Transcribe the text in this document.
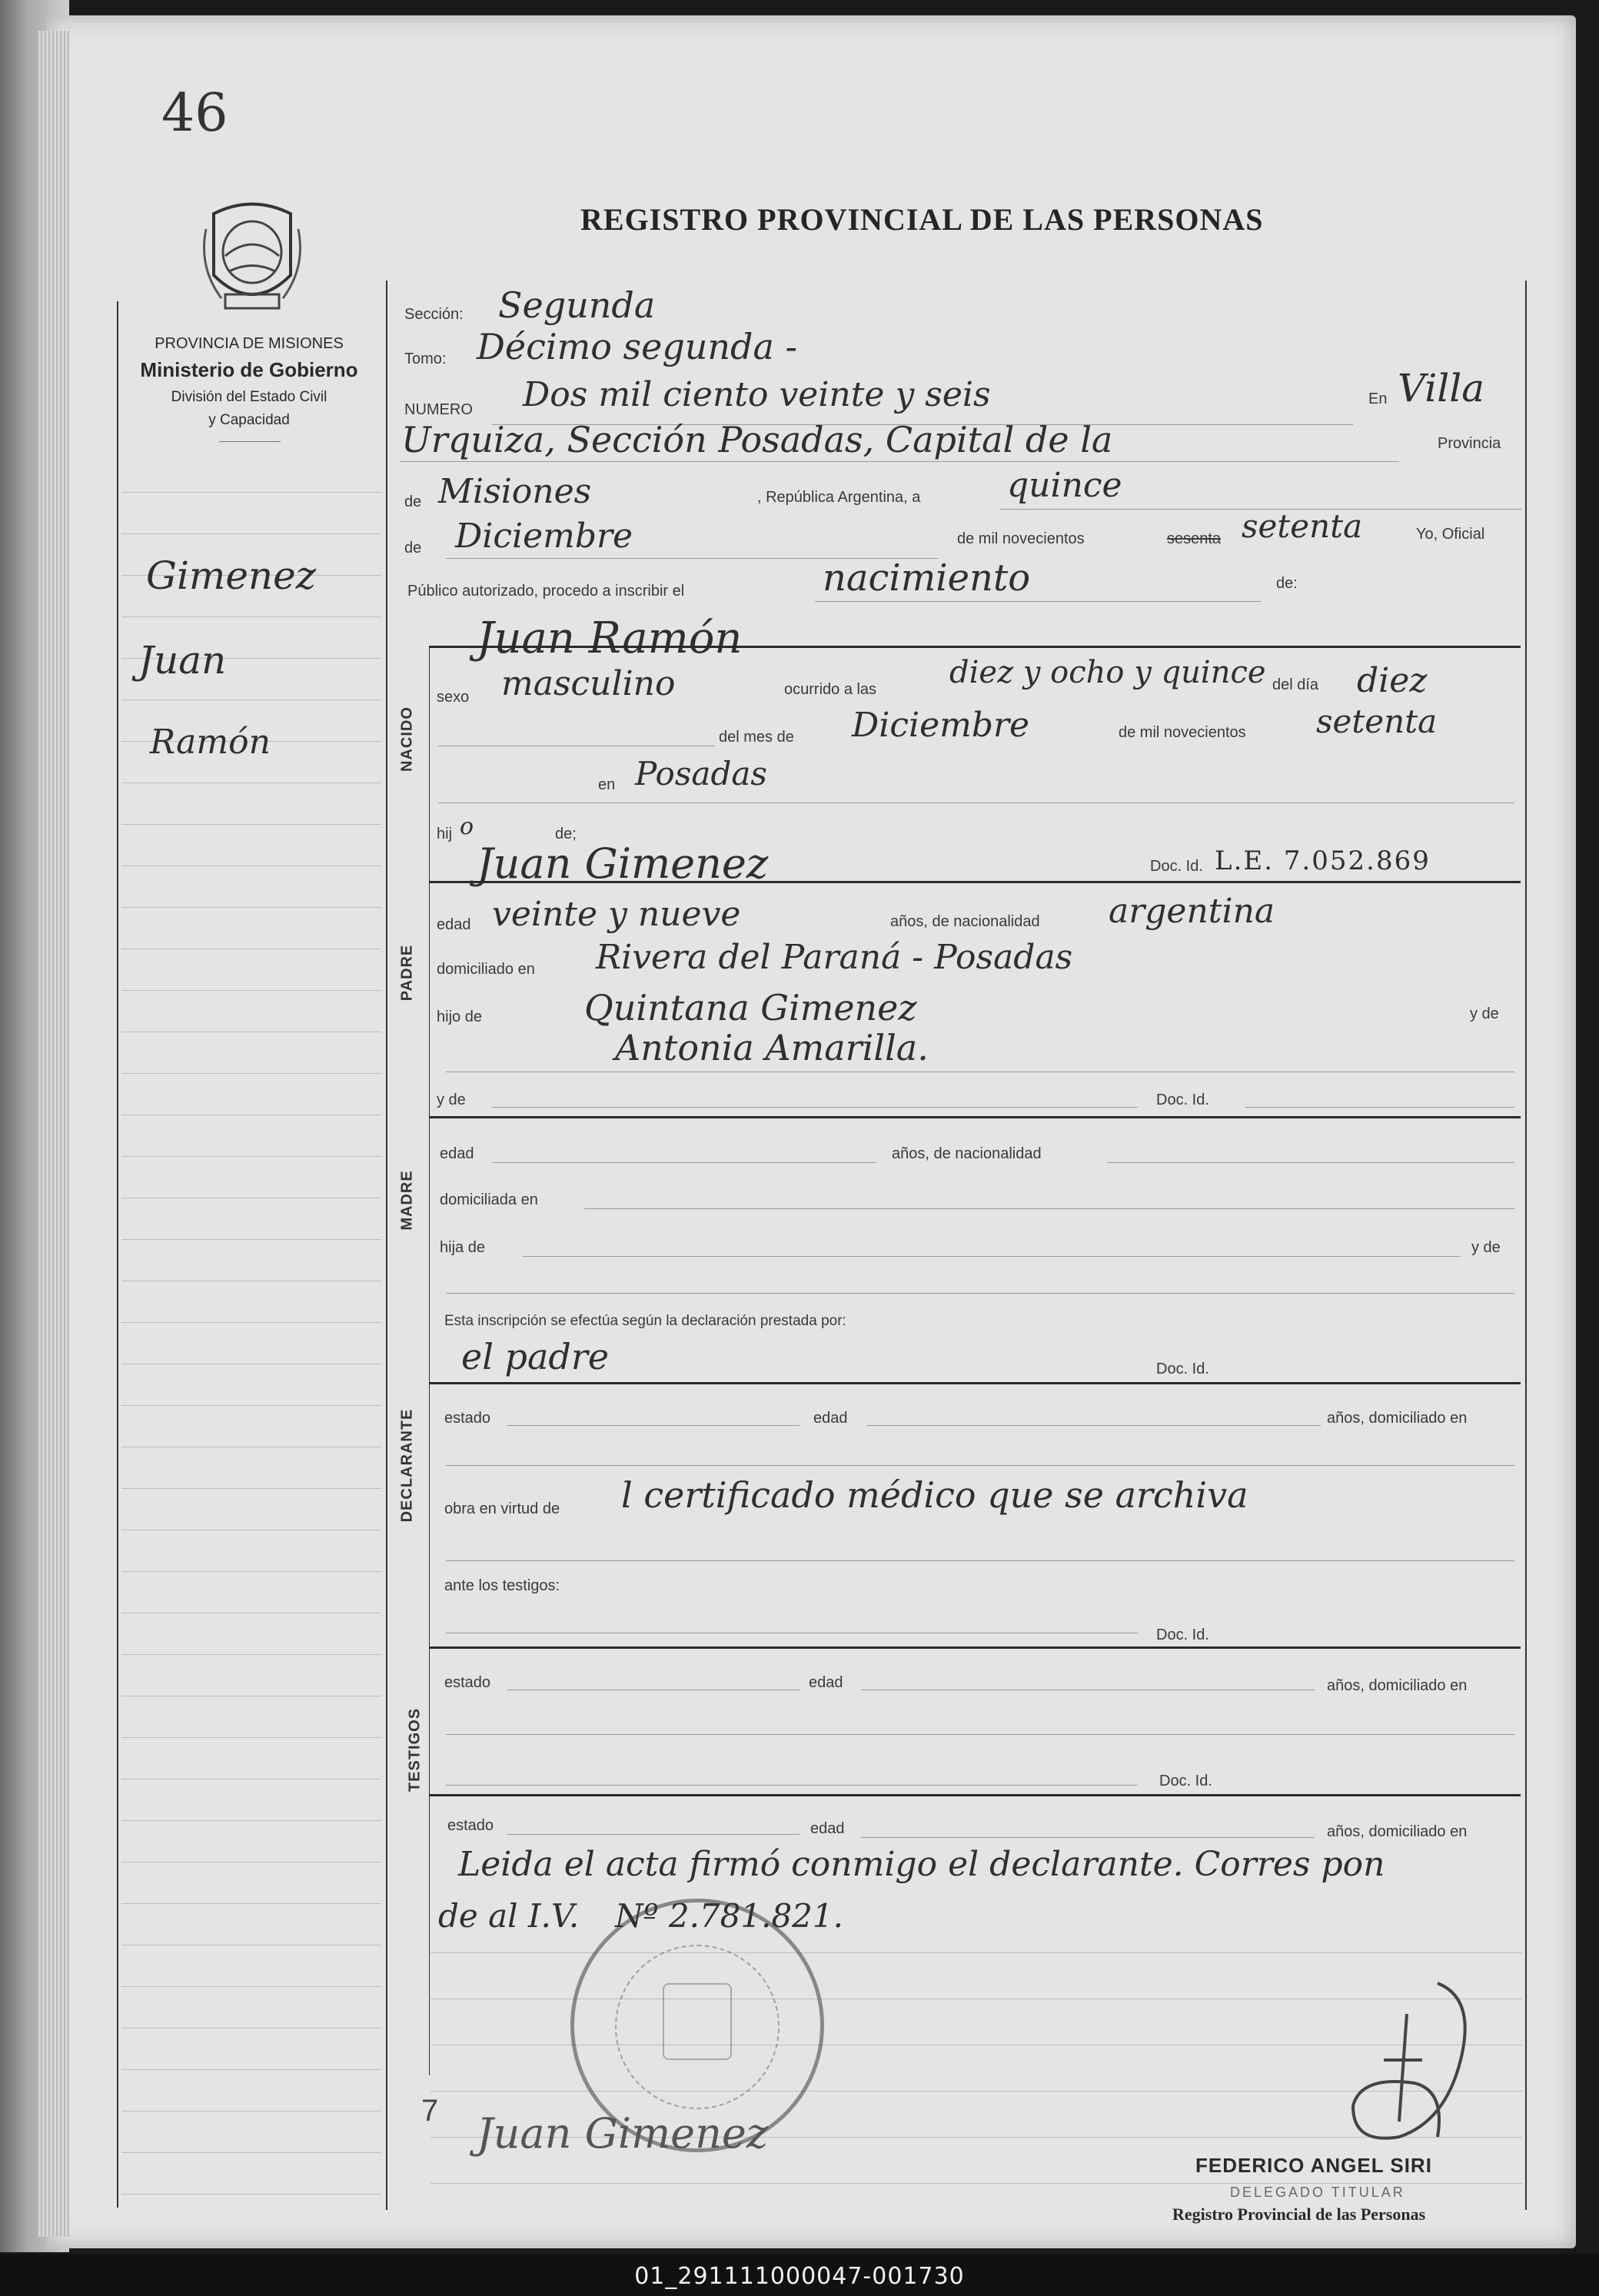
46
REGISTRO PROVINCIAL DE LAS PERSONAS
PROVINCIA DE MISIONES
Ministerio de Gobierno
División del Estado Civil
y Capacidad
Gimenez
Juan
Ramón
Sección: Segunda
Tomo: Décimo segunda -
NUMERO Dos mil ciento veinte y seis	En Villa
Urquiza, Sección Posadas, Capital de la	Provincia
de Misiones	, República Argentina, a	quince
de Diciembre	de mil novecientos	sesenta setenta	Yo, Oficial
Público autorizado, procedo a inscribir el	nacimiento	de:
Juan Ramón
NACIDO
sexo masculino	ocurrido a las diez y ocho y quince del día diez
del mes de Diciembre	de mil novecientos setenta
en Posadas
hij o	de;
Juan Gimenez	Doc. Id. L.E. 7.052.869
PADRE
edad veinte y nueve	años, de nacionalidad argentina
domiciliado en Rivera del Paraná - Posadas
hijo de	Quintana Gimenez	y de
Antonia Amarilla.
y de	Doc. Id.
MADRE
edad	años, de nacionalidad
domiciliada en
hija de	y de
Esta inscripción se efectúa según la declaración prestada por:
el padre	Doc. Id.
DECLARANTE estado	edad	años, domiciliado en
obra en virtud de l certificado médico que se archiva
ante los testigos:
Doc. Id.
TESTIGOS
estado	edad	años, domiciliado en
Doc. Id.
estado	edad	años, domiciliado en
Leida el acta firmó conmigo el declarante. Corres pon
de al I.V. Nº 2.781.821.
Juan Gimenez
7
FEDERICO ANGEL SIRI
DELEGADO TITULAR
Registro Provincial de las Personas
01_291111000047-001730
